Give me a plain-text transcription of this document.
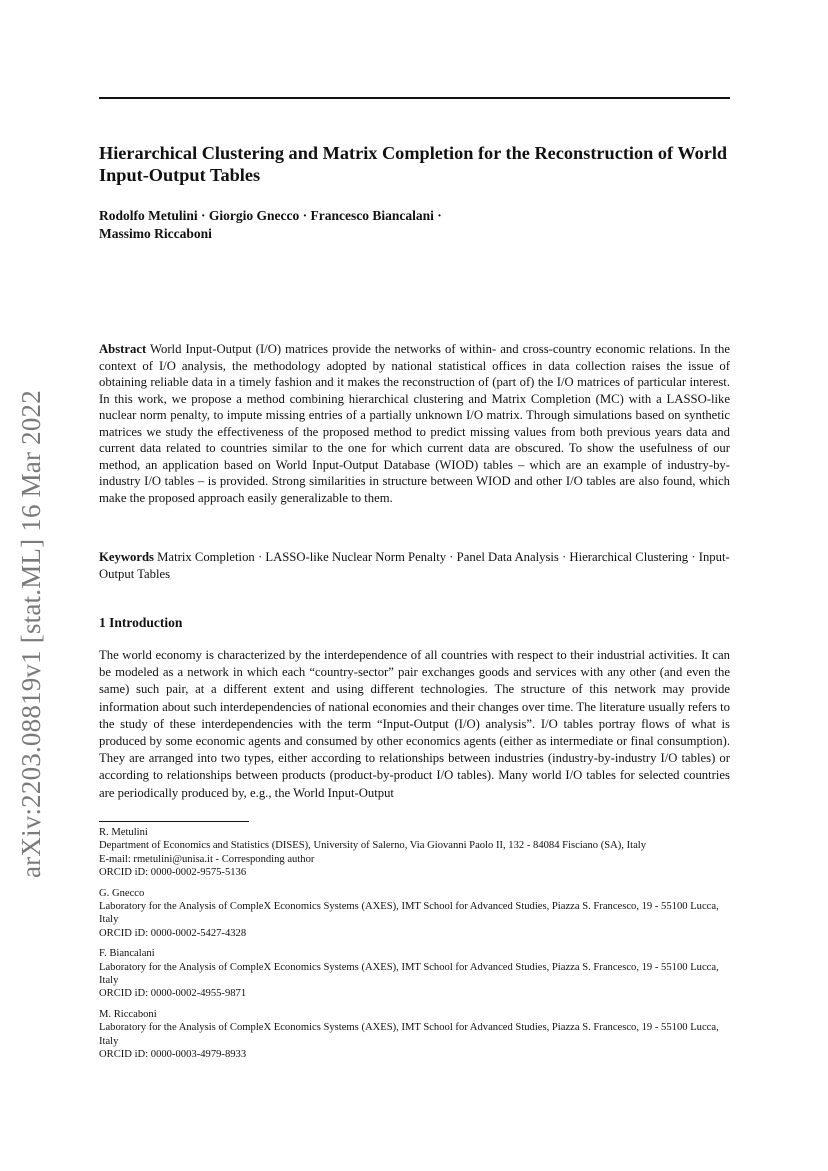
arXiv:2203.08819v1 [stat.ML] 16 Mar 2022
Hierarchical Clustering and Matrix Completion for the Reconstruction of World Input-Output Tables

Rodolfo Metulini · Giorgio Gnecco · Francesco Biancalani · Massimo Riccaboni

Abstract World Input-Output (I/O) matrices provide the networks of within- and cross-country economic relations. In the context of I/O analysis, the methodology adopted by national statistical offices in data collection raises the issue of obtaining reliable data in a timely fashion and it makes the reconstruction of (part of) the I/O matrices of particular interest. In this work, we propose a method combining hierarchical clustering and Matrix Completion (MC) with a LASSO-like nuclear norm penalty, to impute missing entries of a partially unknown I/O matrix. Through simulations based on synthetic matrices we study the effectiveness of the proposed method to predict missing values from both previous years data and current data related to countries similar to the one for which current data are obscured. To show the usefulness of our method, an application based on World Input-Output Database (WIOD) tables – which are an example of industry-by-industry I/O tables – is provided. Strong similarities in structure between WIOD and other I/O tables are also found, which make the proposed approach easily generalizable to them.

Keywords Matrix Completion · LASSO-like Nuclear Norm Penalty · Panel Data Analysis · Hierarchical Clustering · Input-Output Tables

1 Introduction

The world economy is characterized by the interdependence of all countries with respect to their industrial activities. It can be modeled as a network in which each “country-sector” pair exchanges goods and services with any other (and even the same) such pair, at a different extent and using different technologies. The structure of this network may provide information about such interdependencies of national economies and their changes over time. The literature usually refers to the study of these interdependencies with the term “Input-Output (I/O) analysis”. I/O tables portray flows of what is produced by some economic agents and consumed by other economics agents (either as intermediate or final consumption). They are arranged into two types, either according to relationships between industries (industry-by-industry I/O tables) or according to relationships between products (product-by-product I/O tables). Many world I/O tables for selected countries are periodically produced by, e.g., the World Input-Output

R. Metulini
Department of Economics and Statistics (DISES), University of Salerno, Via Giovanni Paolo II, 132 - 84084 Fisciano (SA), Italy
E-mail: rmetulini@unisa.it - Corresponding author
ORCID iD: 0000-0002-9575-5136

G. Gnecco
Laboratory for the Analysis of CompleX Economics Systems (AXES), IMT School for Advanced Studies, Piazza S. Francesco, 19 - 55100 Lucca, Italy
ORCID iD: 0000-0002-5427-4328

F. Biancalani
Laboratory for the Analysis of CompleX Economics Systems (AXES), IMT School for Advanced Studies, Piazza S. Francesco, 19 - 55100 Lucca, Italy
ORCID iD: 0000-0002-4955-9871

M. Riccaboni
Laboratory for the Analysis of CompleX Economics Systems (AXES), IMT School for Advanced Studies, Piazza S. Francesco, 19 - 55100 Lucca, Italy
ORCID iD: 0000-0003-4979-8933
